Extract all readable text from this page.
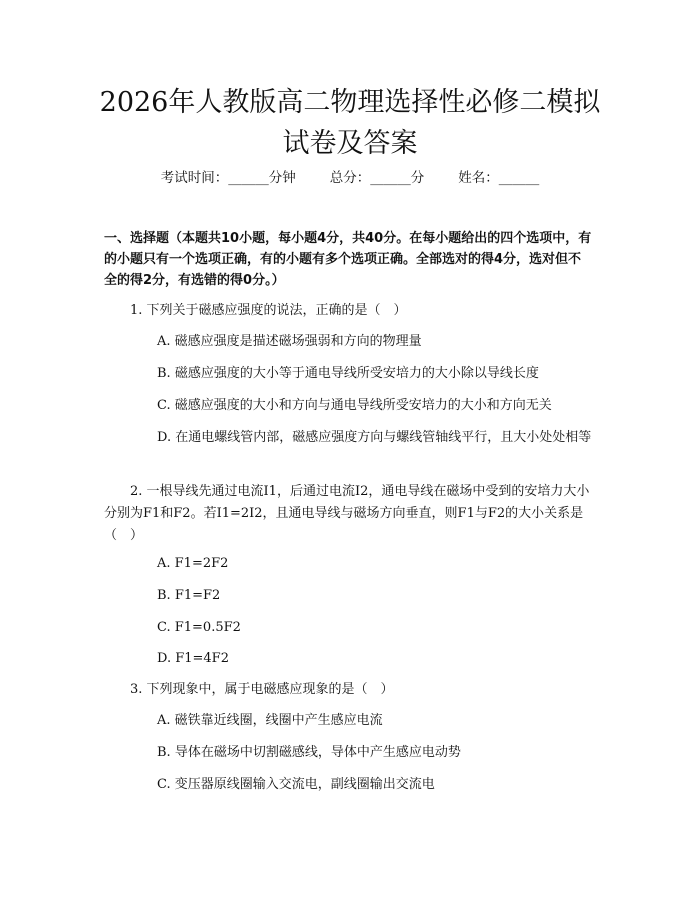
2026年人教版高二物理选择性必修二模拟试卷及答案
考试时间：______分钟	总分：______分	姓名：______

一、选择题（本题共10小题，每小题4分，共40分。在每小题给出的四个选项中，有的小题只有一个选项正确，有的小题有多个选项正确。全部选对的得4分，选对但不全的得2分，有选错的得0分。）

1. 下列关于磁感应强度的说法，正确的是（　）

A. 磁感应强度是描述磁场强弱和方向的物理量

B. 磁感应强度的大小等于通电导线所受安培力的大小除以导线长度

C. 磁感应强度的大小和方向与通电导线所受安培力的大小和方向无关

D. 在通电螺线管内部，磁感应强度方向与螺线管轴线平行，且大小处处相等

2. 一根导线先通过电流I1，后通过电流I2，通电导线在磁场中受到的安培力大小分别为F1和F2。若I1=2I2，且通电导线与磁场方向垂直，则F1与F2的大小关系是（　）

A. F1=2F2

B. F1=F2

C. F1=0.5F2

D. F1=4F2

3. 下列现象中，属于电磁感应现象的是（　）

A. 磁铁靠近线圈，线圈中产生感应电流

B. 导体在磁场中切割磁感线，导体中产生感应电动势

C. 变压器原线圈输入交流电，副线圈输出交流电
